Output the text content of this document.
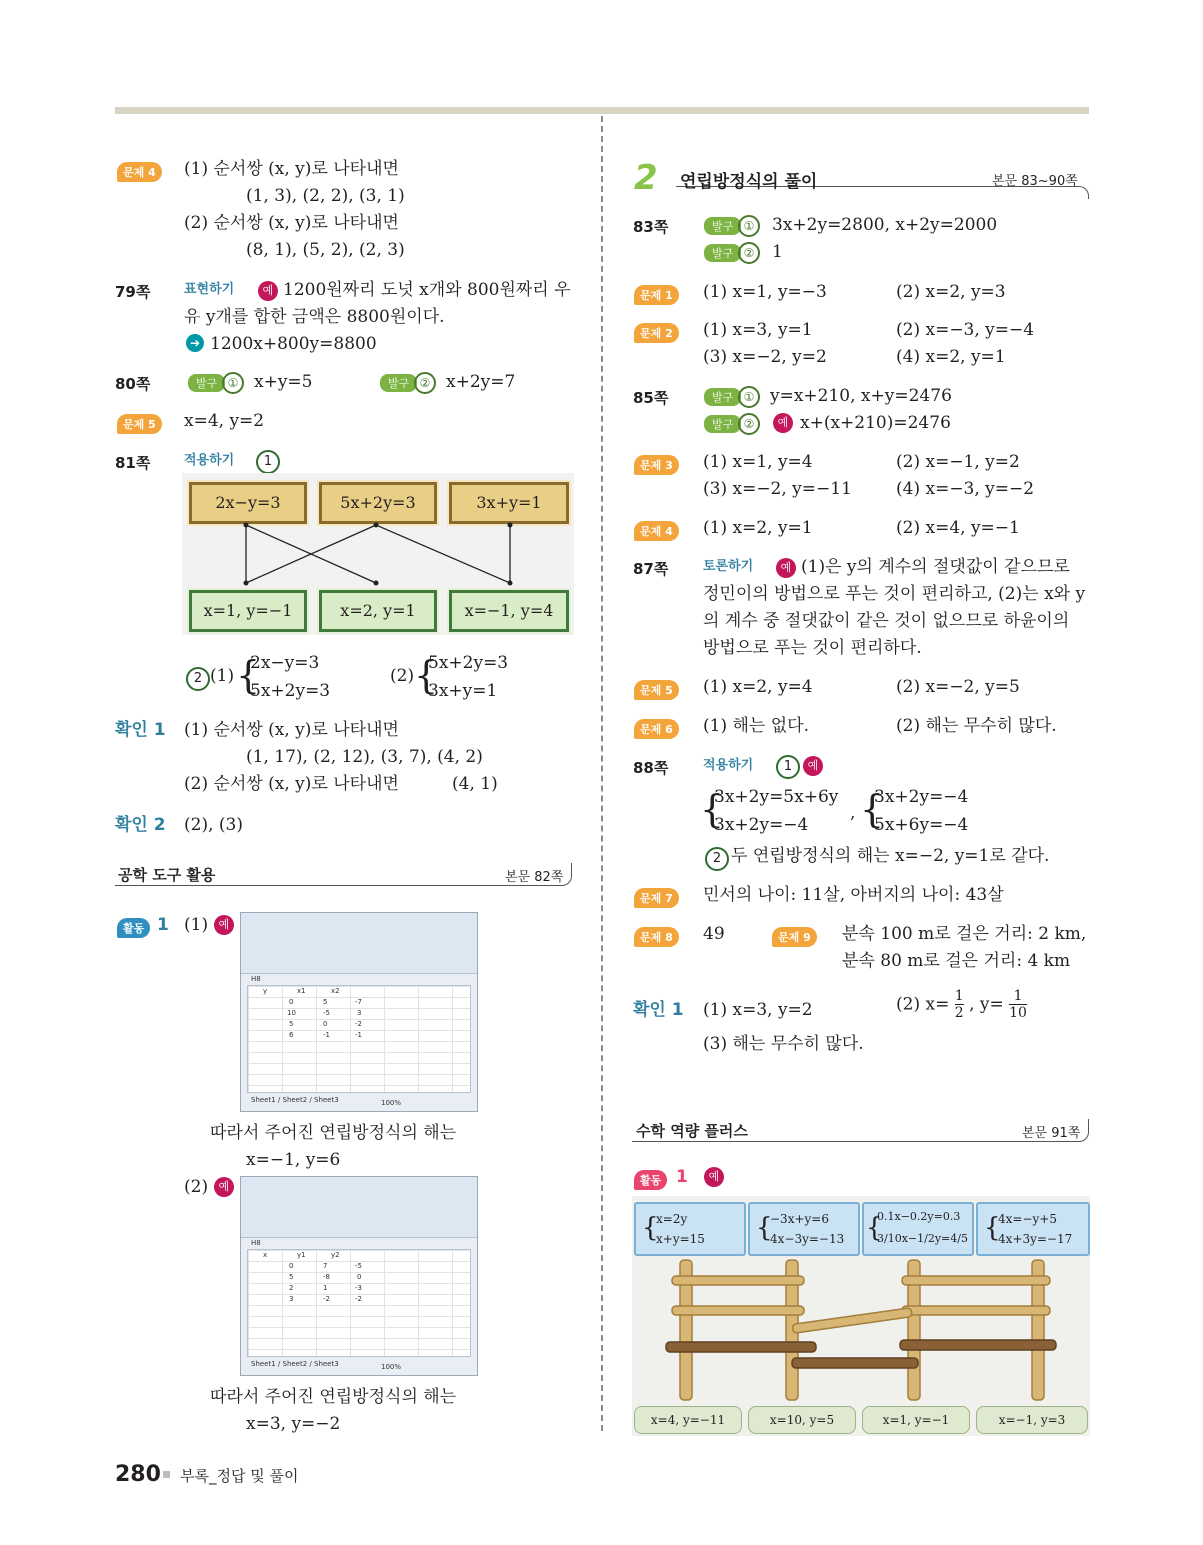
문제 4	(1) 순서쌍 (x, y)로 나타내면
(1, 3), (2, 2), (3, 1)
(2) 순서쌍 (x, y)로 나타내면
(8, 1), (5, 2), (2, 3)
79쪽	표현하기	예 1200원짜리 도넛 x개와 800원짜리 우
유 y개를 합한 금액은 8800원이다.
➔ 1200x+800y=8800
80쪽	발구 ① x+y=5	발구 ② x+2y=7
문제 5	x=4, y=2
81쪽	적용하기	1
2x−y=3	5x+2y=3	3x+y=1
x=1, y=−1	x=2, y=1	x=−1, y=4
2 (1) {
2x−y=3
5x+2y=3
(2) {
5x+2y=3
3x+y=1
확인 1 (1) 순서쌍 (x, y)로 나타내면
(1, 17), (2, 12), (3, 7), (4, 2)
(2) 순서쌍 (x, y)로 나타내면	(4, 1)
확인 2 (2), (3)
공학 도구 활용	본문 82쪽
활동 1 (1) 예
H8
y	x1	x2
0	5	-7
10	-5	3
5	0	-2
6	-1	-1
Sheet1 / Sheet2 / Sheet3	100%
따라서 주어진 연립방정식의 해는
x=−1, y=6
(2) 예
H8
x	y1	y2
0	7	-5
5	-8	0
2	1	-3
3	-2	-2
Sheet1 / Sheet2 / Sheet3	100%
따라서 주어진 연립방정식의 해는
x=3, y=−2
280 부록_정답 및 풀이
2 연립방정식의 풀이	본문 83~90쪽
83쪽	발구 ①	3x+2y=2800, x+2y=2000
발구 ②	1
문제 1	(1) x=1, y=−3	(2) x=2, y=3
문제 2	(1) x=3, y=1	(2) x=−3, y=−4
(3) x=−2, y=2	(4) x=2, y=1
85쪽	발구 ① y=x+210, x+y=2476
발구 ②	예 x+(x+210)=2476
문제 3	(1) x=1, y=4	(2) x=−1, y=2
(3) x=−2, y=−11	(4) x=−3, y=−2
문제 4	(1) x=2, y=1	(2) x=4, y=−1
87쪽	토론하기	예 (1)은 y의 계수의 절댓값이 같으므로
정민이의 방법으로 푸는 것이 편리하고, (2)는 x와 y
의 계수 중 절댓값이 같은 것이 없으므로 하윤이의
방법으로 푸는 것이 편리하다.
문제 5	(1) x=2, y=4	(2) x=−2, y=5
문제 6	(1) 해는 없다.	(2) 해는 무수히 많다.
88쪽	적용하기	1	예
{
3x+2y=5x+6y
3x+2y=−4
, {
3x+2y=−4
5x+6y=−4
2 두 연립방정식의 해는 x=−2, y=1로 같다.
문제 7	민서의 나이: 11살, 아버지의 나이: 43살
문제 8	49	문제 9	분속 100 m로 걸은 거리: 2 km,
분속 80 m로 걸은 거리: 4 km
확인 1 (1) x=3, y=2	(2) $x= \frac{1}{2}$ , $y= \frac{1}{10}$
(3) 해는 무수히 많다.
수학 역량 플러스	본문 91쪽
활동 1	예
{
x=2y
x+y=15 {
−3x+y=6
4x−3y=−13 {
0.1x−0.2y=0.3
3/10x−1/2y=4/5 {
4x=−y+5
4x+3y=−17
x=4, y=−11	x=10, y=5	x=1, y=−1	x=−1, y=3
